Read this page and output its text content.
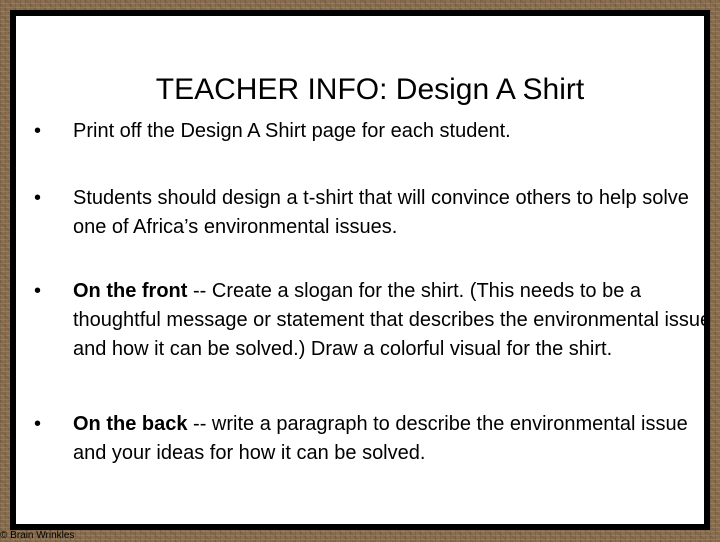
TEACHER INFO: Design A Shirt
• Print off the Design A Shirt page for each student.
• Students should design a t-shirt that will convince others to help solve one of Africa’s environmental issues.
• On the front -- Create a slogan for the shirt. (This needs to be a thoughtful message or statement that describes the environmental issue and how it can be solved.) Draw a colorful visual for the shirt.
• On the back -- write a paragraph to describe the environmental issue and your ideas for how it can be solved.
© Brain Wrinkles
